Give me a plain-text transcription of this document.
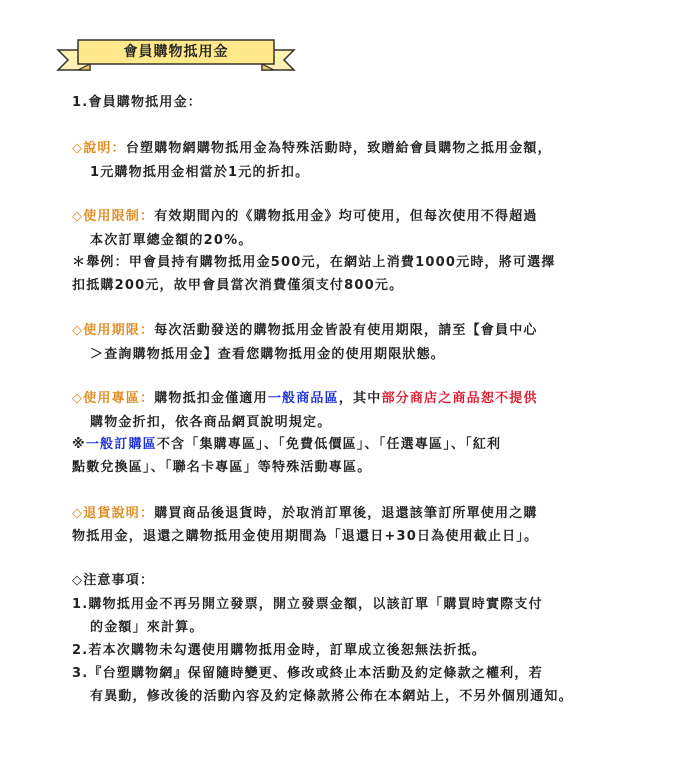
會員購物抵用金
1.會員購物抵用金：
◇說明：台塑購物網購物抵用金為特殊活動時，致贈給會員購物之抵用金額，
1元購物抵用金相當於1元的折扣。
◇使用限制：有效期間內的《購物抵用金》均可使用，但每次使用不得超過
本次訂單總金額的20%。
＊舉例：甲會員持有購物抵用金500元，在網站上消費1000元時，將可選擇
扣抵購200元，故甲會員當次消費僅須支付800元。
◇使用期限：每次活動發送的購物抵用金皆設有使用期限，請至【會員中心
＞查詢購物抵用金】查看您購物抵用金的使用期限狀態。
◇使用專區：購物抵扣金僅適用一般商品區，其中部分商店之商品恕不提供
購物金折扣，依各商品網頁說明規定。
※一般訂購區不含「集購專區」、「免費低價區」、「任選專區」、「紅利
點數兌換區」、「聯名卡專區」等特殊活動專區。
◇退貨說明：購買商品後退貨時，於取消訂單後，退還該筆訂所單使用之購
物抵用金，退還之購物抵用金使用期間為「退還日+30日為使用截止日」。
◇注意事項：
1.購物抵用金不再另開立發票，開立發票金額，以該訂單「購買時實際支付
的金額」來計算。
2.若本次購物未勾選使用購物抵用金時，訂單成立後恕無法折抵。
3.『台塑購物網』保留隨時變更、修改或終止本活動及約定條款之權利，若
有異動，修改後的活動內容及約定條款將公佈在本網站上，不另外個別通知。
